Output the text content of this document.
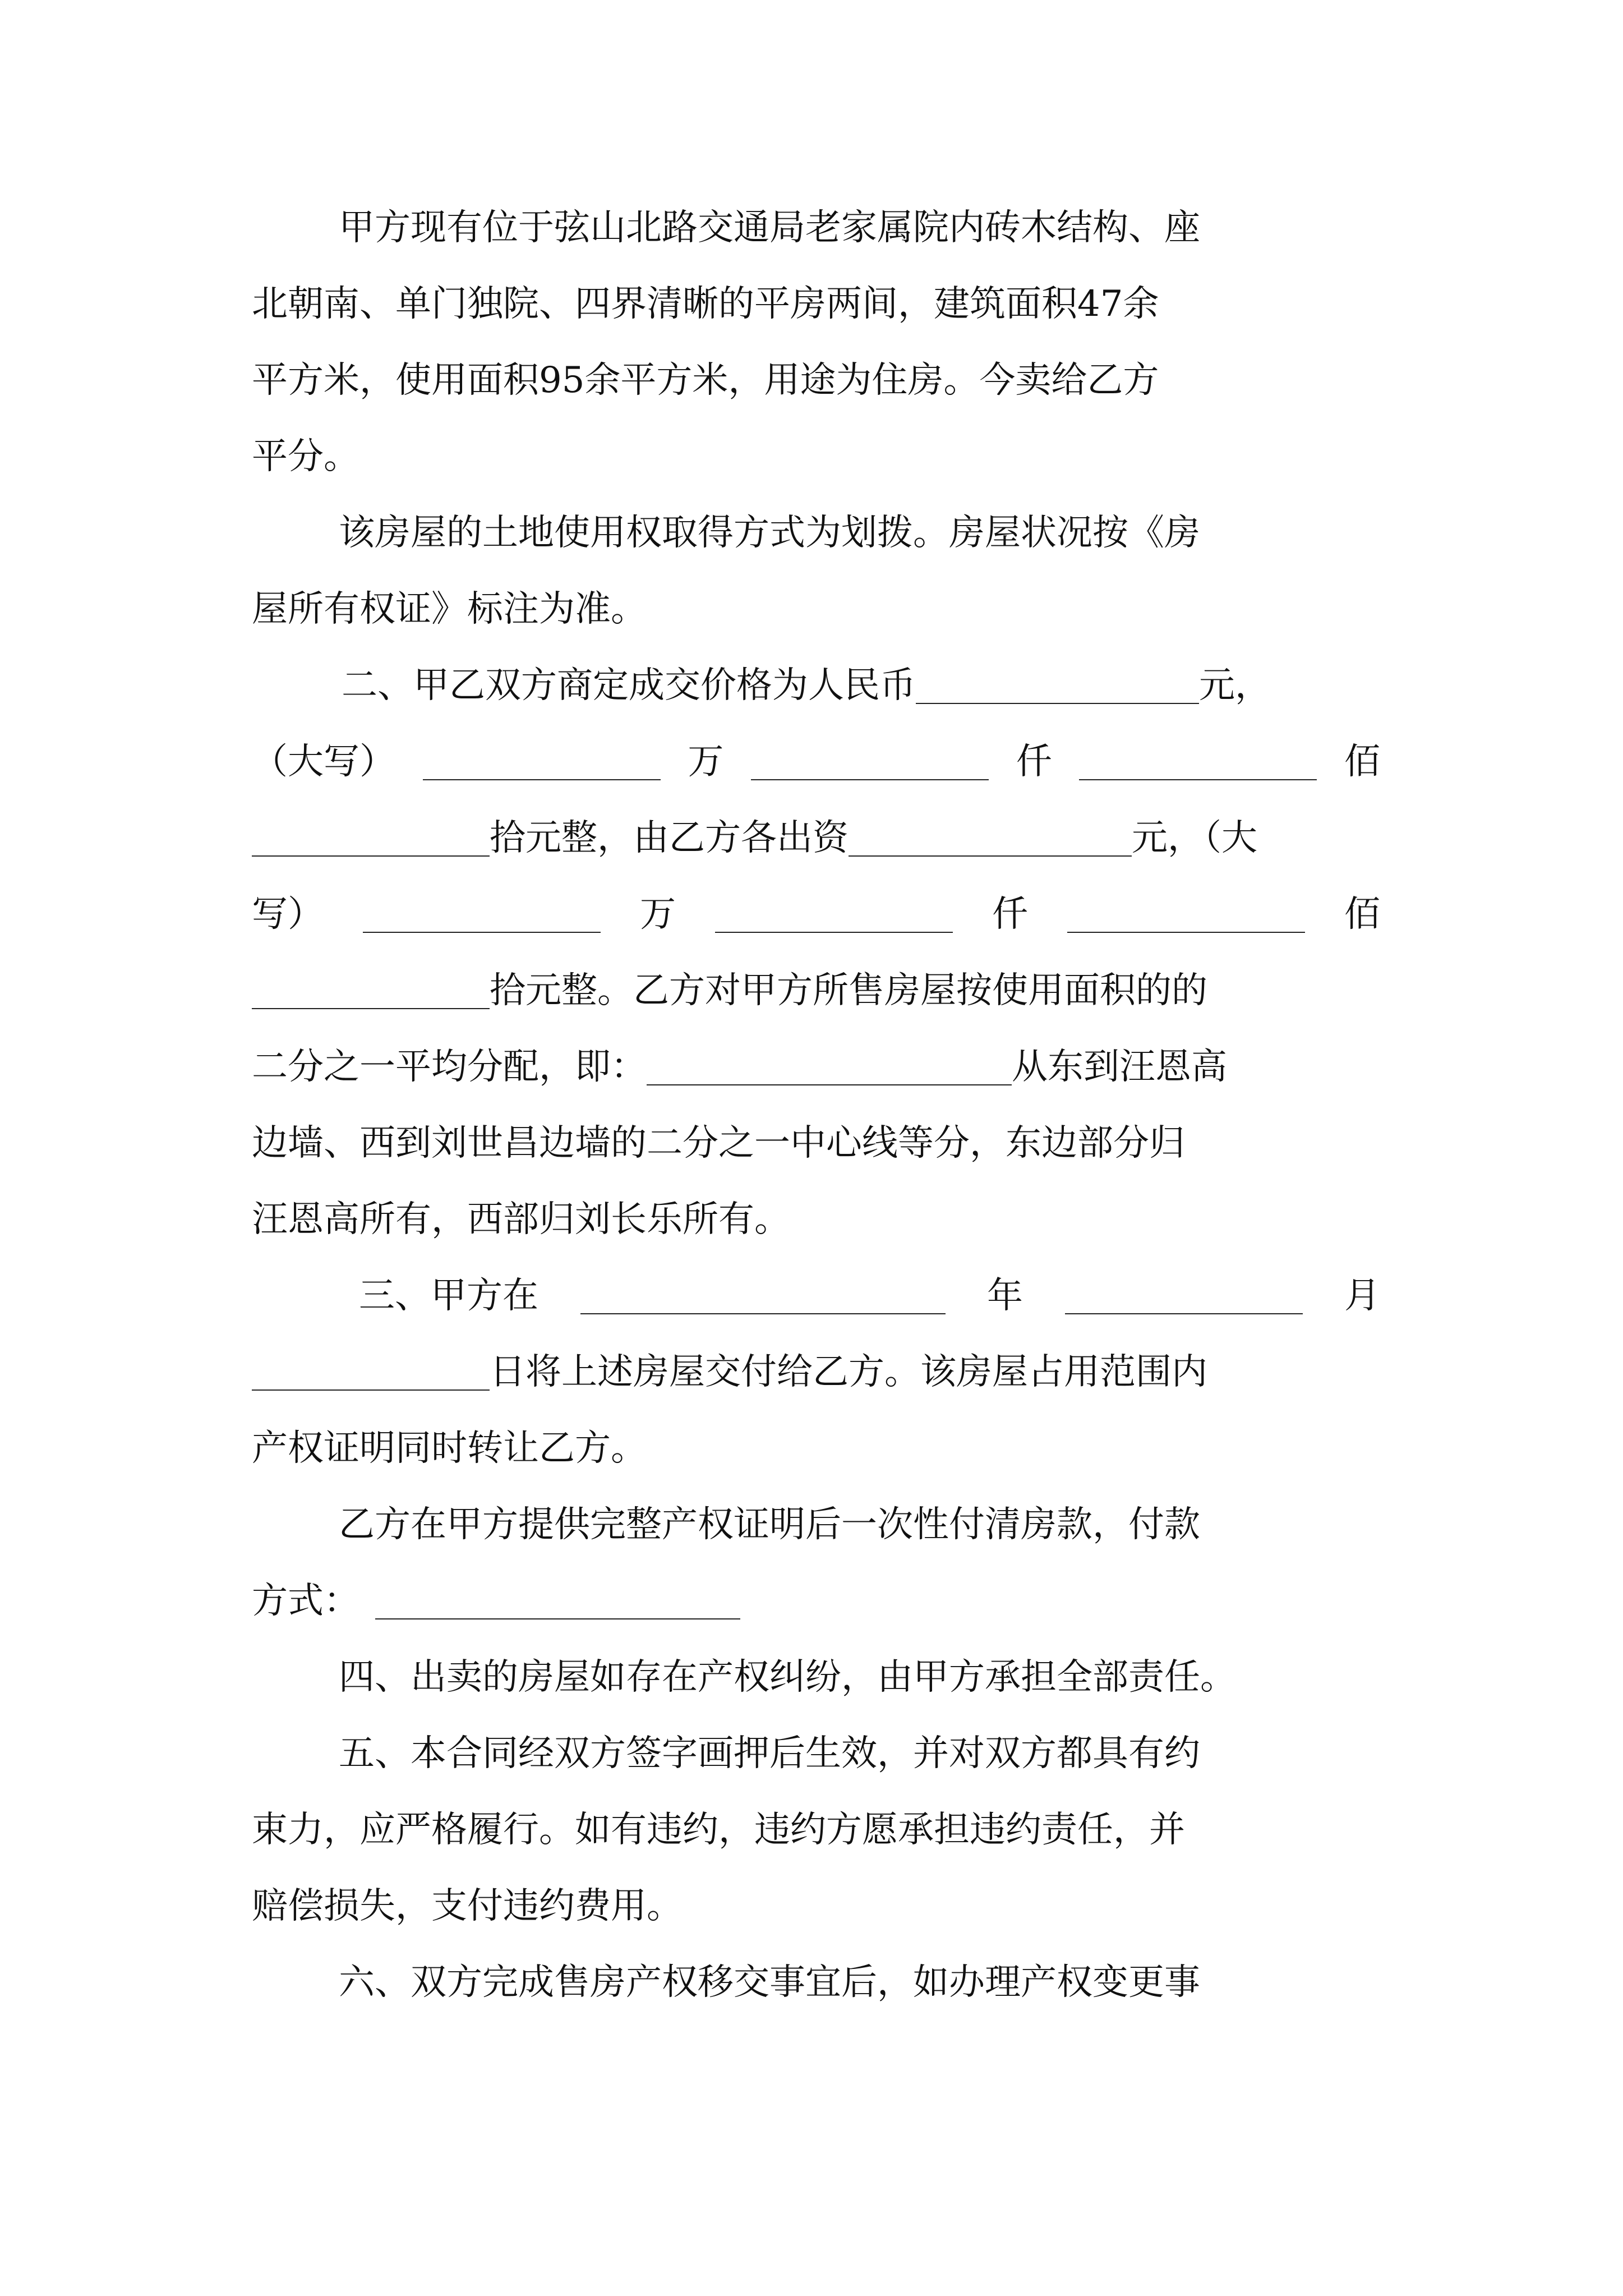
甲方现有位于弦山北路交通局老家属院内砖木结构、座
北朝南、单门独院、四界清晰的平房两间，建筑面积47余
平方米，使用面积95余平方米，用途为住房。今卖给乙方
平分。
该房屋的土地使用权取得方式为划拨。房屋状况按《房
屋所有权证》标注为准。
二、甲乙双方商定成交价格为人民币	元，
（大写）	万	仟	佰
拾元整，由乙方各出资	元，（大
写）	万	仟	佰
拾元整。乙方对甲方所售房屋按使用面积的的
二分之一平均分配，即：	从东到汪恩高
边墙、西到刘世昌边墙的二分之一中心线等分，东边部分归
汪恩高所有，西部归刘长乐所有。
三、甲方在	年	月
日将上述房屋交付给乙方。该房屋占用范围内
产权证明同时转让乙方。
乙方在甲方提供完整产权证明后一次性付清房款，付款
方式：
四、出卖的房屋如存在产权纠纷，由甲方承担全部责任。
五、本合同经双方签字画押后生效，并对双方都具有约
束力，应严格履行。如有违约，违约方愿承担违约责任，并
赔偿损失，支付违约费用。
六、双方完成售房产权移交事宜后，如办理产权变更事
